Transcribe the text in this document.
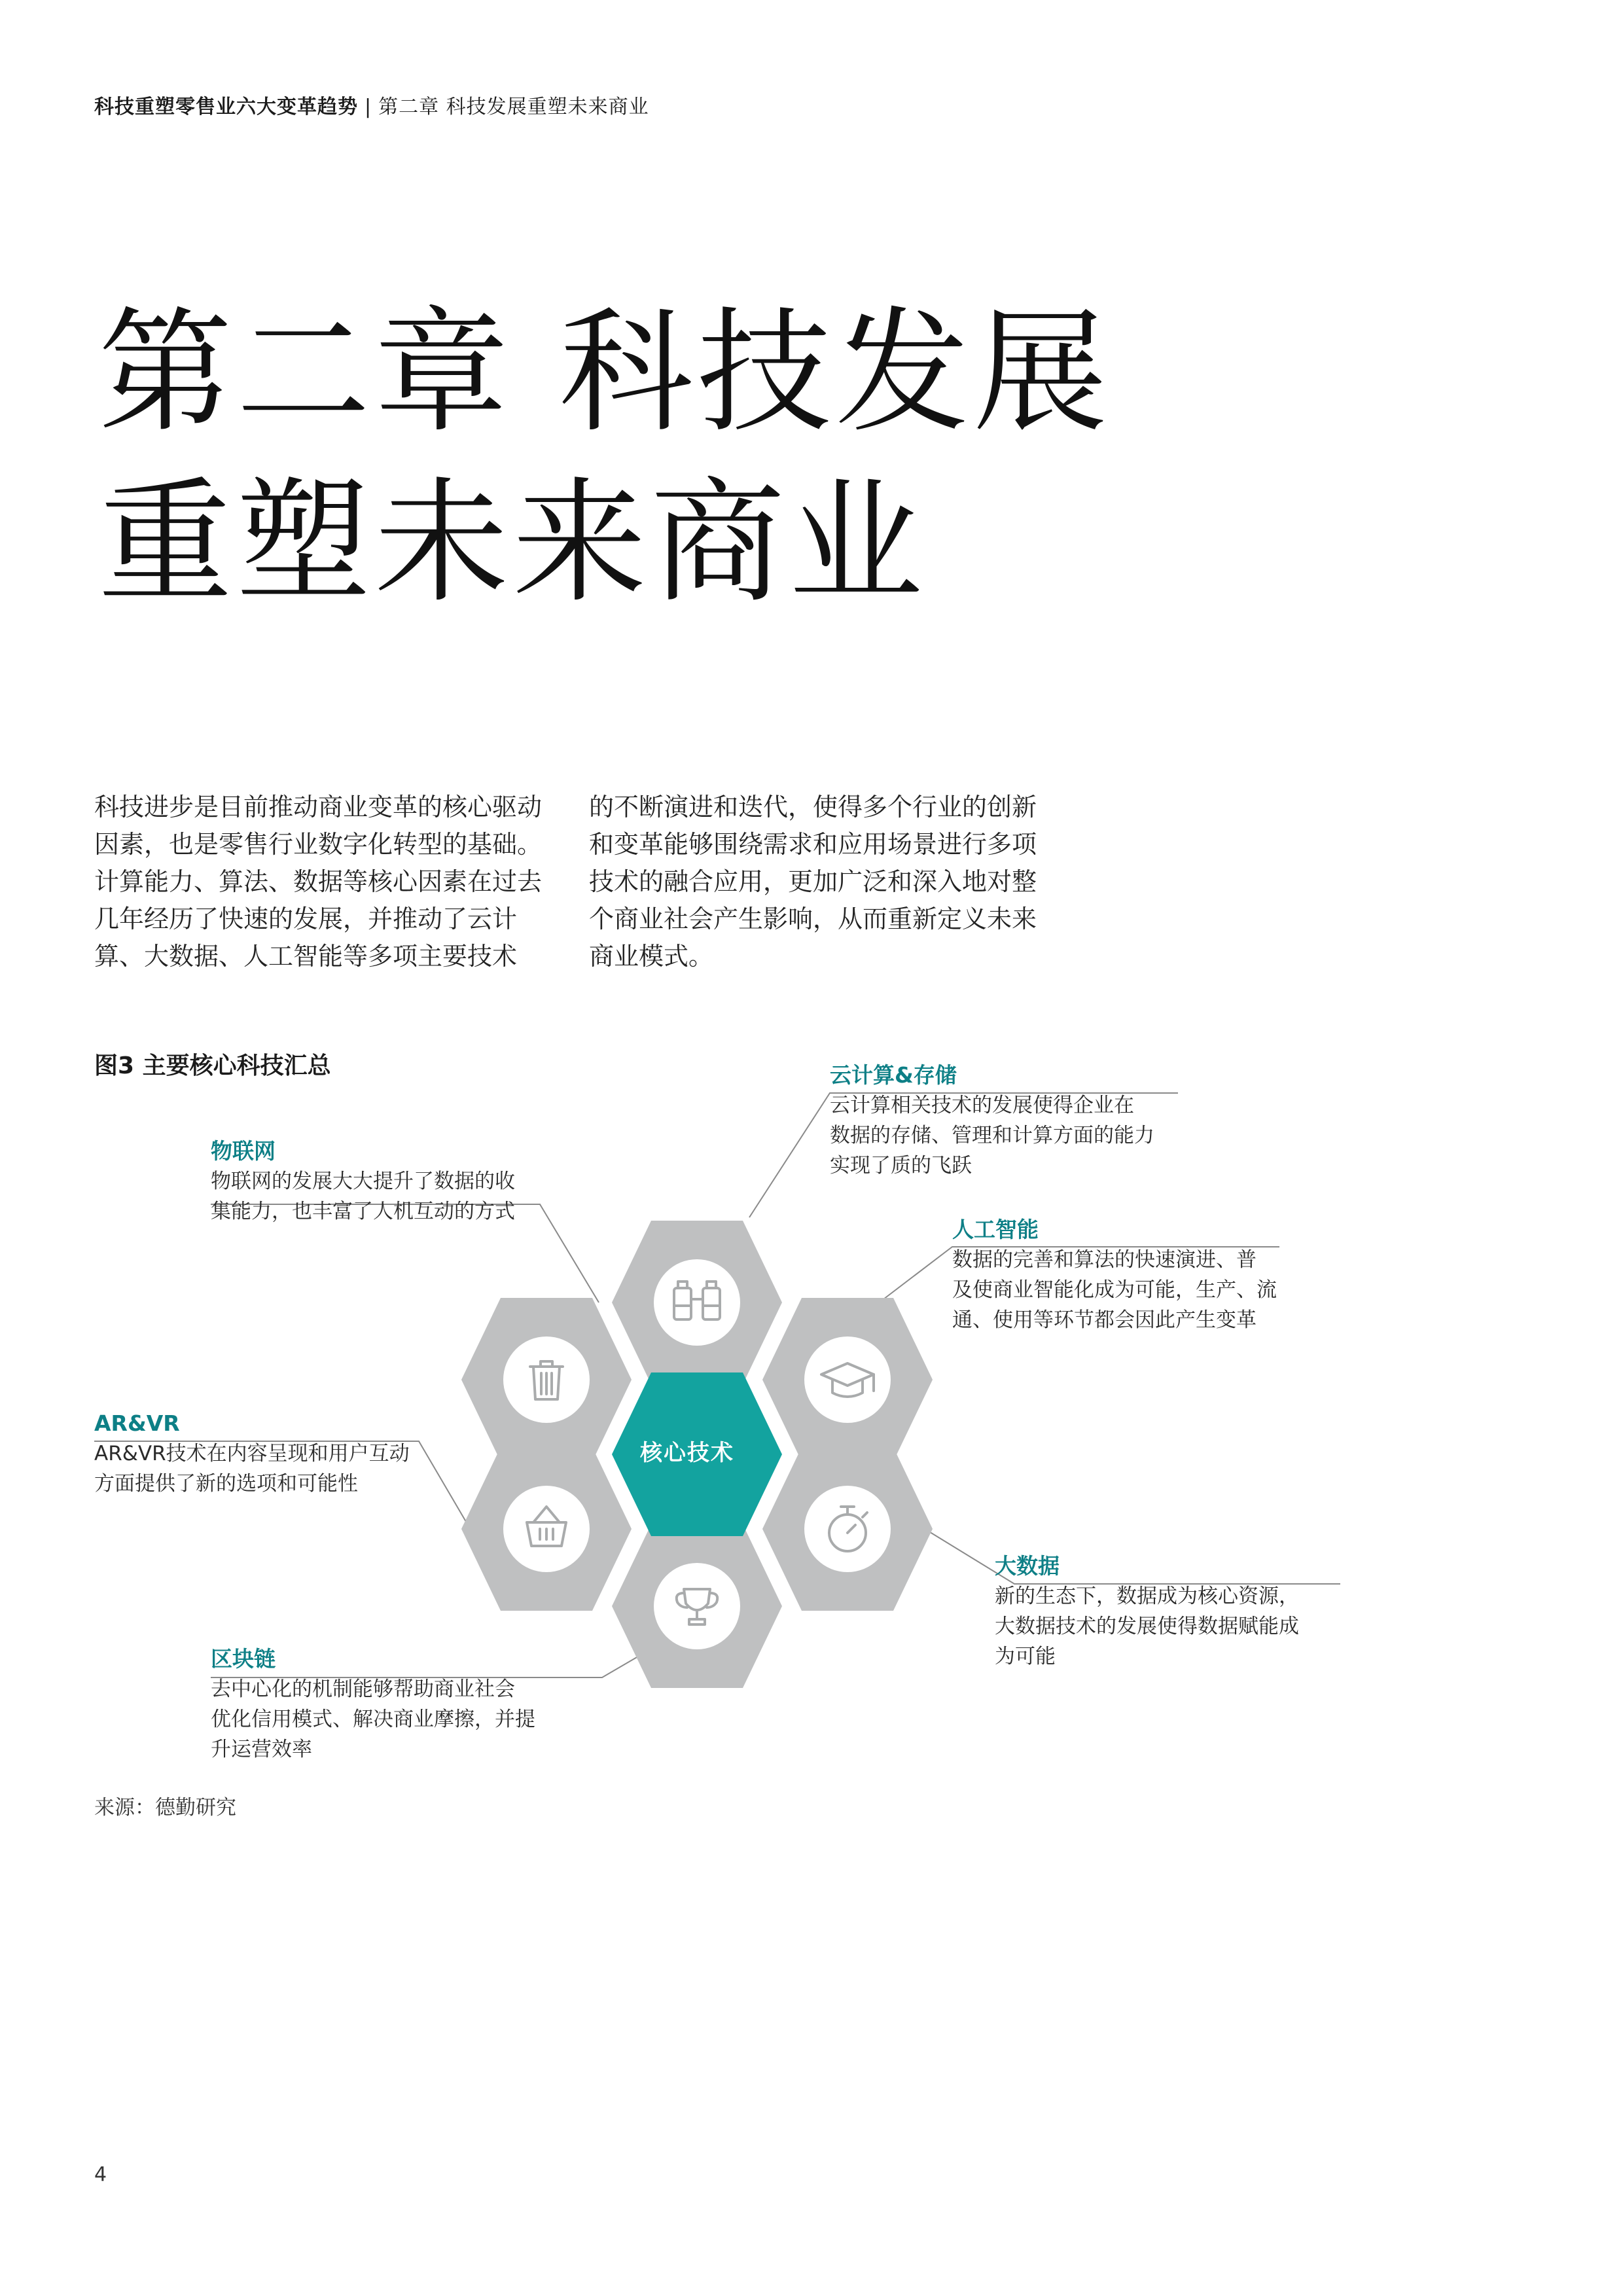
科技重塑零售业六大变革趋势 | 第二章 科技发展重塑未来商业
第二章 科技发展
重塑未来商业
科技进步是目前推动商业变革的核心驱动因素，也是零售行业数字化转型的基础。计算能力、算法、数据等核心因素在过去几年经历了快速的发展，并推动了云计算、大数据、人工智能等多项主要技术
的不断演进和迭代，使得多个行业的创新和变革能够围绕需求和应用场景进行多项技术的融合应用，更加广泛和深入地对整个商业社会产生影响，从而重新定义未来商业模式。
图3 主要核心科技汇总
核心技术
云计算&存储
云计算相关技术的发展使得企业在
数据的存储、管理和计算方面的能力
实现了质的飞跃
物联网
物联网的发展大大提升了数据的收
集能力，也丰富了人机互动的方式
人工智能
数据的完善和算法的快速演进、普
及使商业智能化成为可能，生产、流
通、使用等环节都会因此产生变革
AR&VR
AR&VR技术在内容呈现和用户互动
方面提供了新的选项和可能性
大数据
新的生态下，数据成为核心资源，
大数据技术的发展使得数据赋能成
为可能
区块链
去中心化的机制能够帮助商业社会
优化信用模式、解决商业摩擦，并提
升运营效率
来源：德勤研究
4
